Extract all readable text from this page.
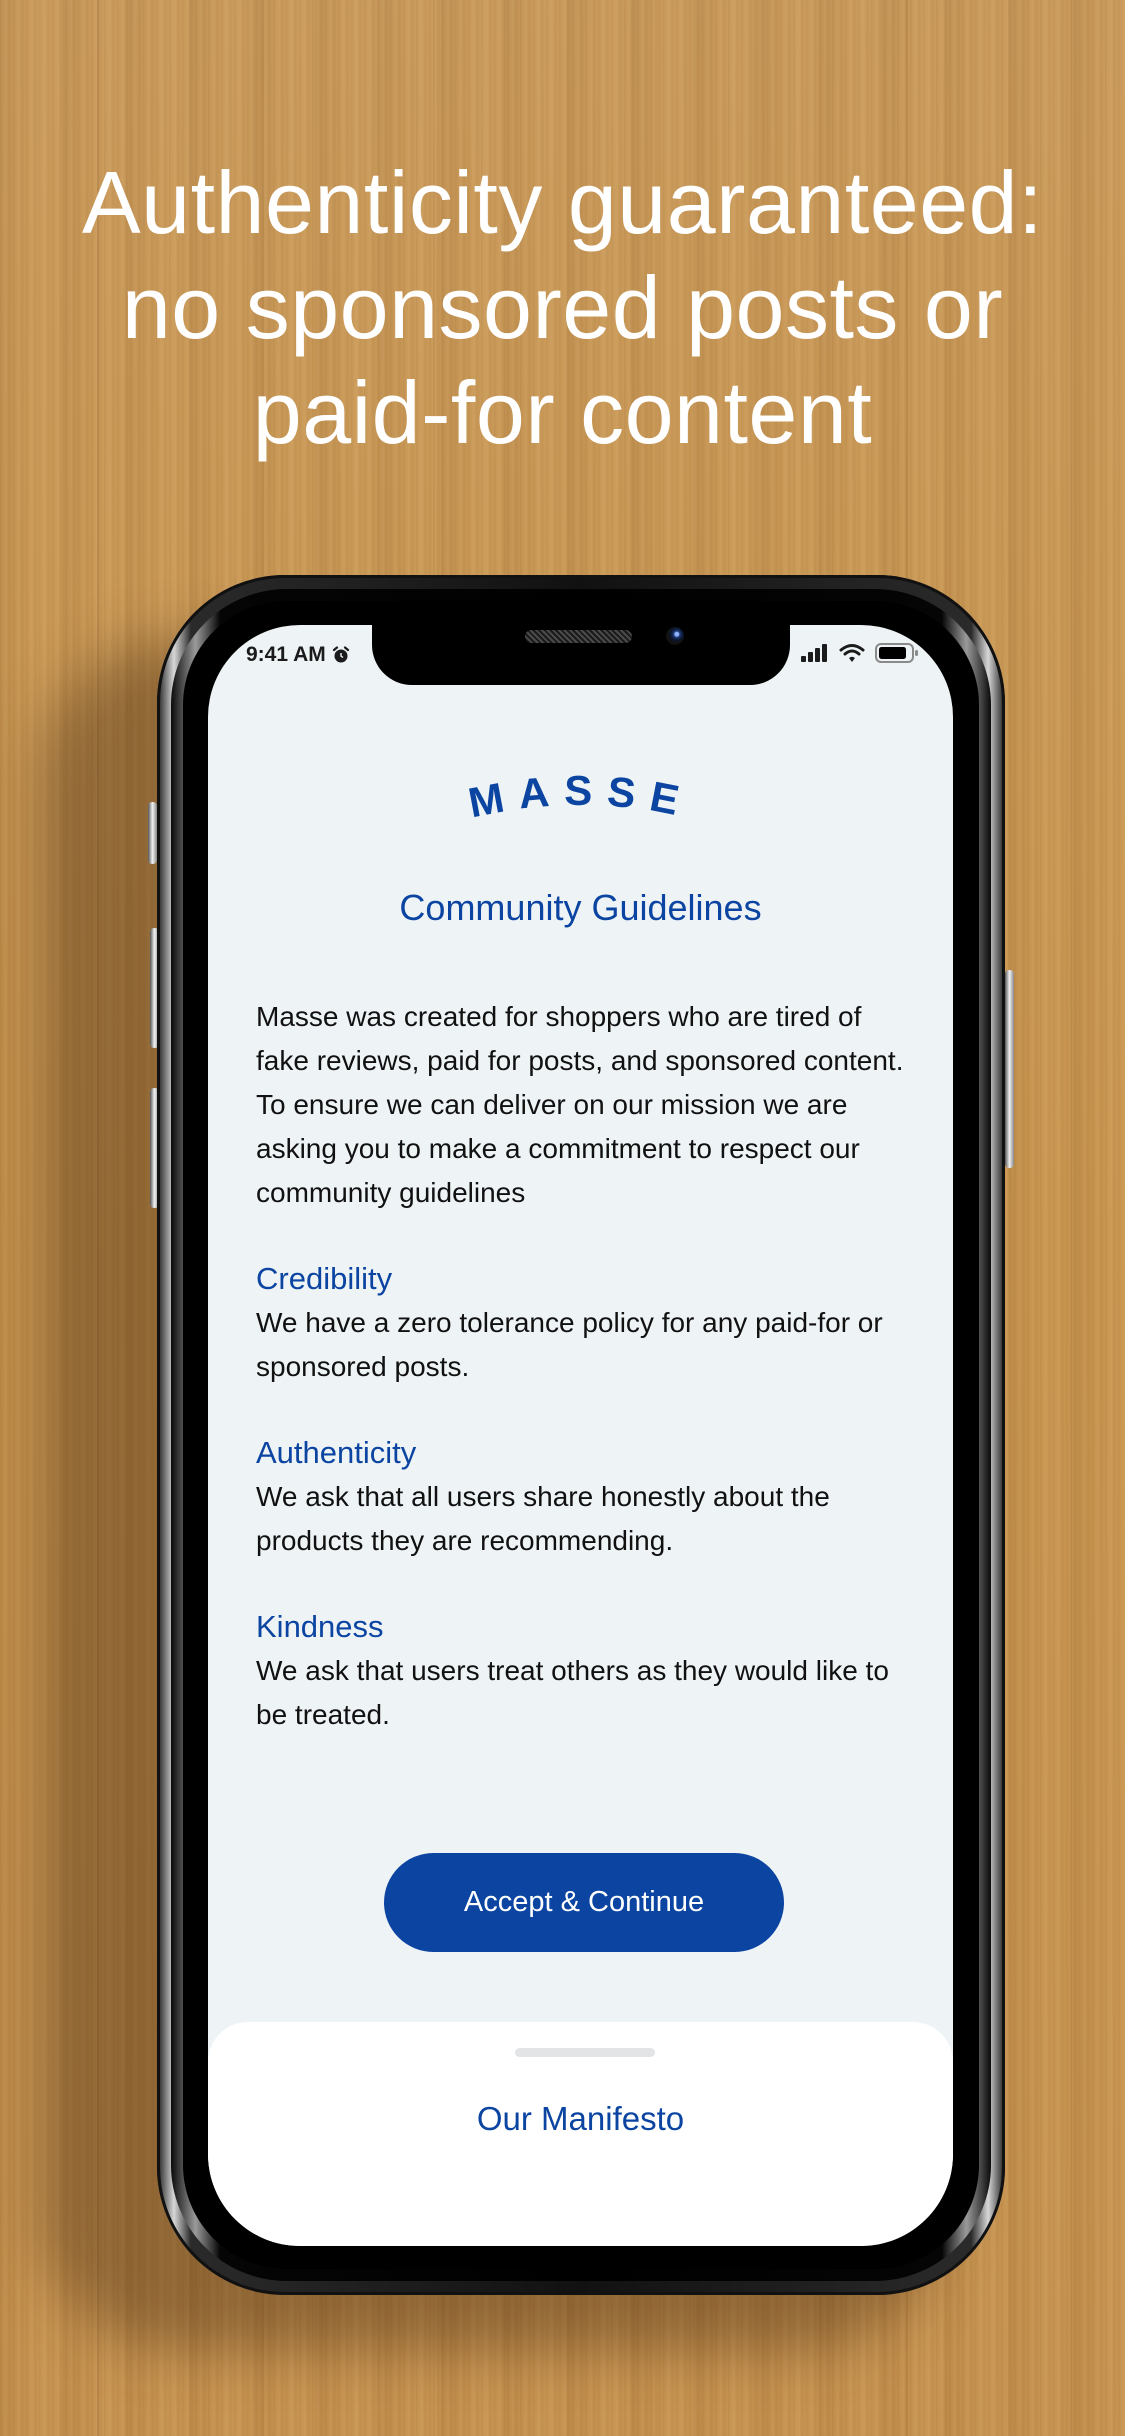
Authenticity guaranteed:
no sponsored posts or
paid-for content
9:41 AM
MASSE
Community Guidelines

Masse was created for shoppers who are tired of fake reviews, paid for posts, and sponsored content. To ensure we can deliver on our mission we are asking you to make a commitment to respect our community guidelines

Credibility

We have a zero tolerance policy for any paid-for or sponsored posts.

Authenticity

We ask that all users share honestly about the products they are recommending.

Kindness

We ask that users treat others as they would like to be treated.

Accept & Continue
Our Manifesto
